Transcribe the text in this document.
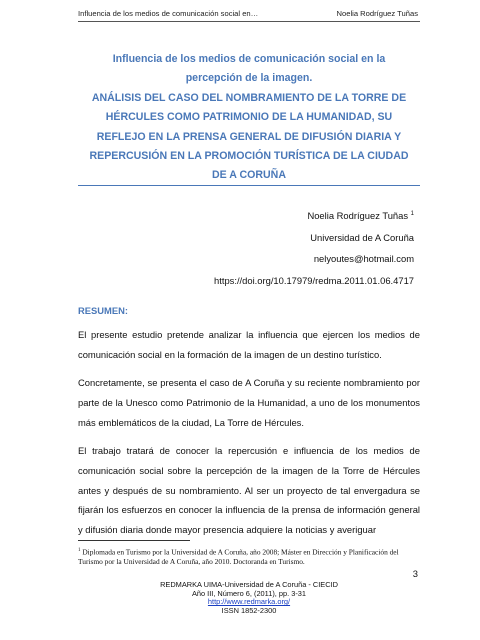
Influencia de los medios de comunicación social en…	Noelia Rodríguez Tuñas
Influencia de los medios de comunicación social en la
percepción de la imagen.
ANÁLISIS DEL CASO DEL NOMBRAMIENTO DE LA TORRE DE
HÉRCULES COMO PATRIMONIO DE LA HUMANIDAD, SU
REFLEJO EN LA PRENSA GENERAL DE DIFUSIÓN DIARIA Y
REPERCUSIÓN EN LA PROMOCIÓN TURÍSTICA DE LA CIUDAD
DE A CORUÑA
Noelia Rodríguez Tuñas $^1$
Universidad de A Coruña
nelyoutes@hotmail.com
https://doi.org/10.17979/redma.2011.01.06.4717
RESUMEN:
El presente estudio pretende analizar la influencia que ejercen los medios de comunicación social en la formación de la imagen de un destino turístico.
Concretamente, se presenta el caso de A Coruña y su reciente nombramiento por parte de la Unesco como Patrimonio de la Humanidad, a uno de los monumentos más emblemáticos de la ciudad, La Torre de Hércules.
El trabajo tratará de conocer la repercusión e influencia de los medios de comunicación social sobre la percepción de la imagen de la Torre de Hércules antes y después de su nombramiento. Al ser un proyecto de tal envergadura se fijarán los esfuerzos en conocer la influencia de la prensa de información general y difusión diaria donde mayor presencia adquiere la noticias y averiguar
$^1$ Diplomada en Turismo por la Universidad de A Coruña, año 2008; Máster en Dirección y Planificación del Turismo por la Universidad de A Coruña, año 2010. Doctoranda en Turismo.
3
REDMARKA UIMA-Universidad de A Coruña - CIECID
Año III, Número 6, (2011), pp. 3-31
http://www.redmarka.org/
ISSN 1852-2300
